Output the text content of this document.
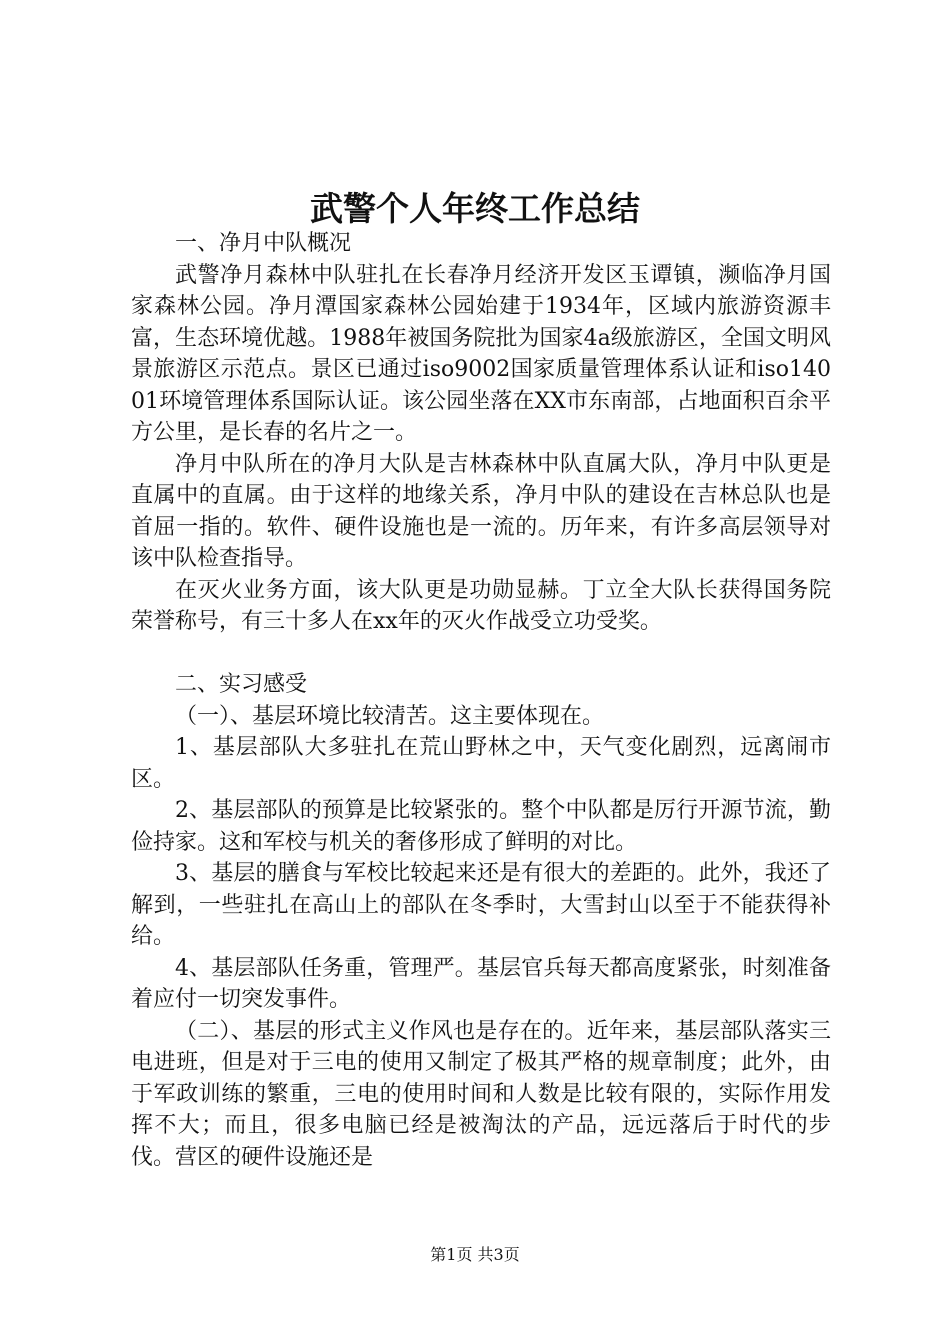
武警个人年终工作总结

一、净月中队概况

武警净月森林中队驻扎在长春净月经济开发区玉谭镇，濒临净月国家森林公园。净月潭国家森林公园始建于1934年，区域内旅游资源丰富，生态环境优越。1988年被国务院批为国家4a级旅游区，全国文明风景旅游区示范点。景区已通过iso9002国家质量管理体系认证和iso14001环境管理体系国际认证。该公园坐落在XX市东南部，占地面积百余平方公里，是长春的名片之一。

净月中队所在的净月大队是吉林森林中队直属大队，净月中队更是直属中的直属。由于这样的地缘关系，净月中队的建设在吉林总队也是首屈一指的。软件、硬件设施也是一流的。历年来，有许多高层领导对该中队检查指导。

在灭火业务方面，该大队更是功勋显赫。丁立全大队长获得国务院荣誉称号，有三十多人在xx年的灭火作战受立功受奖。

二、实习感受

（一）、基层环境比较清苦。这主要体现在。

1、基层部队大多驻扎在荒山野林之中，天气变化剧烈，远离闹市区。

2、基层部队的预算是比较紧张的。整个中队都是厉行开源节流，勤俭持家。这和军校与机关的奢侈形成了鲜明的对比。

3、基层的膳食与军校比较起来还是有很大的差距的。此外，我还了解到，一些驻扎在高山上的部队在冬季时，大雪封山以至于不能获得补给。

4、基层部队任务重，管理严。基层官兵每天都高度紧张，时刻准备着应付一切突发事件。

（二）、基层的形式主义作风也是存在的。近年来，基层部队落实三电进班，但是对于三电的使用又制定了极其严格的规章制度；此外，由于军政训练的繁重，三电的使用时间和人数是比较有限的，实际作用发挥不大；而且，很多电脑已经是被淘汰的产品，远远落后于时代的步伐。营区的硬件设施还是

第1页 共3页
